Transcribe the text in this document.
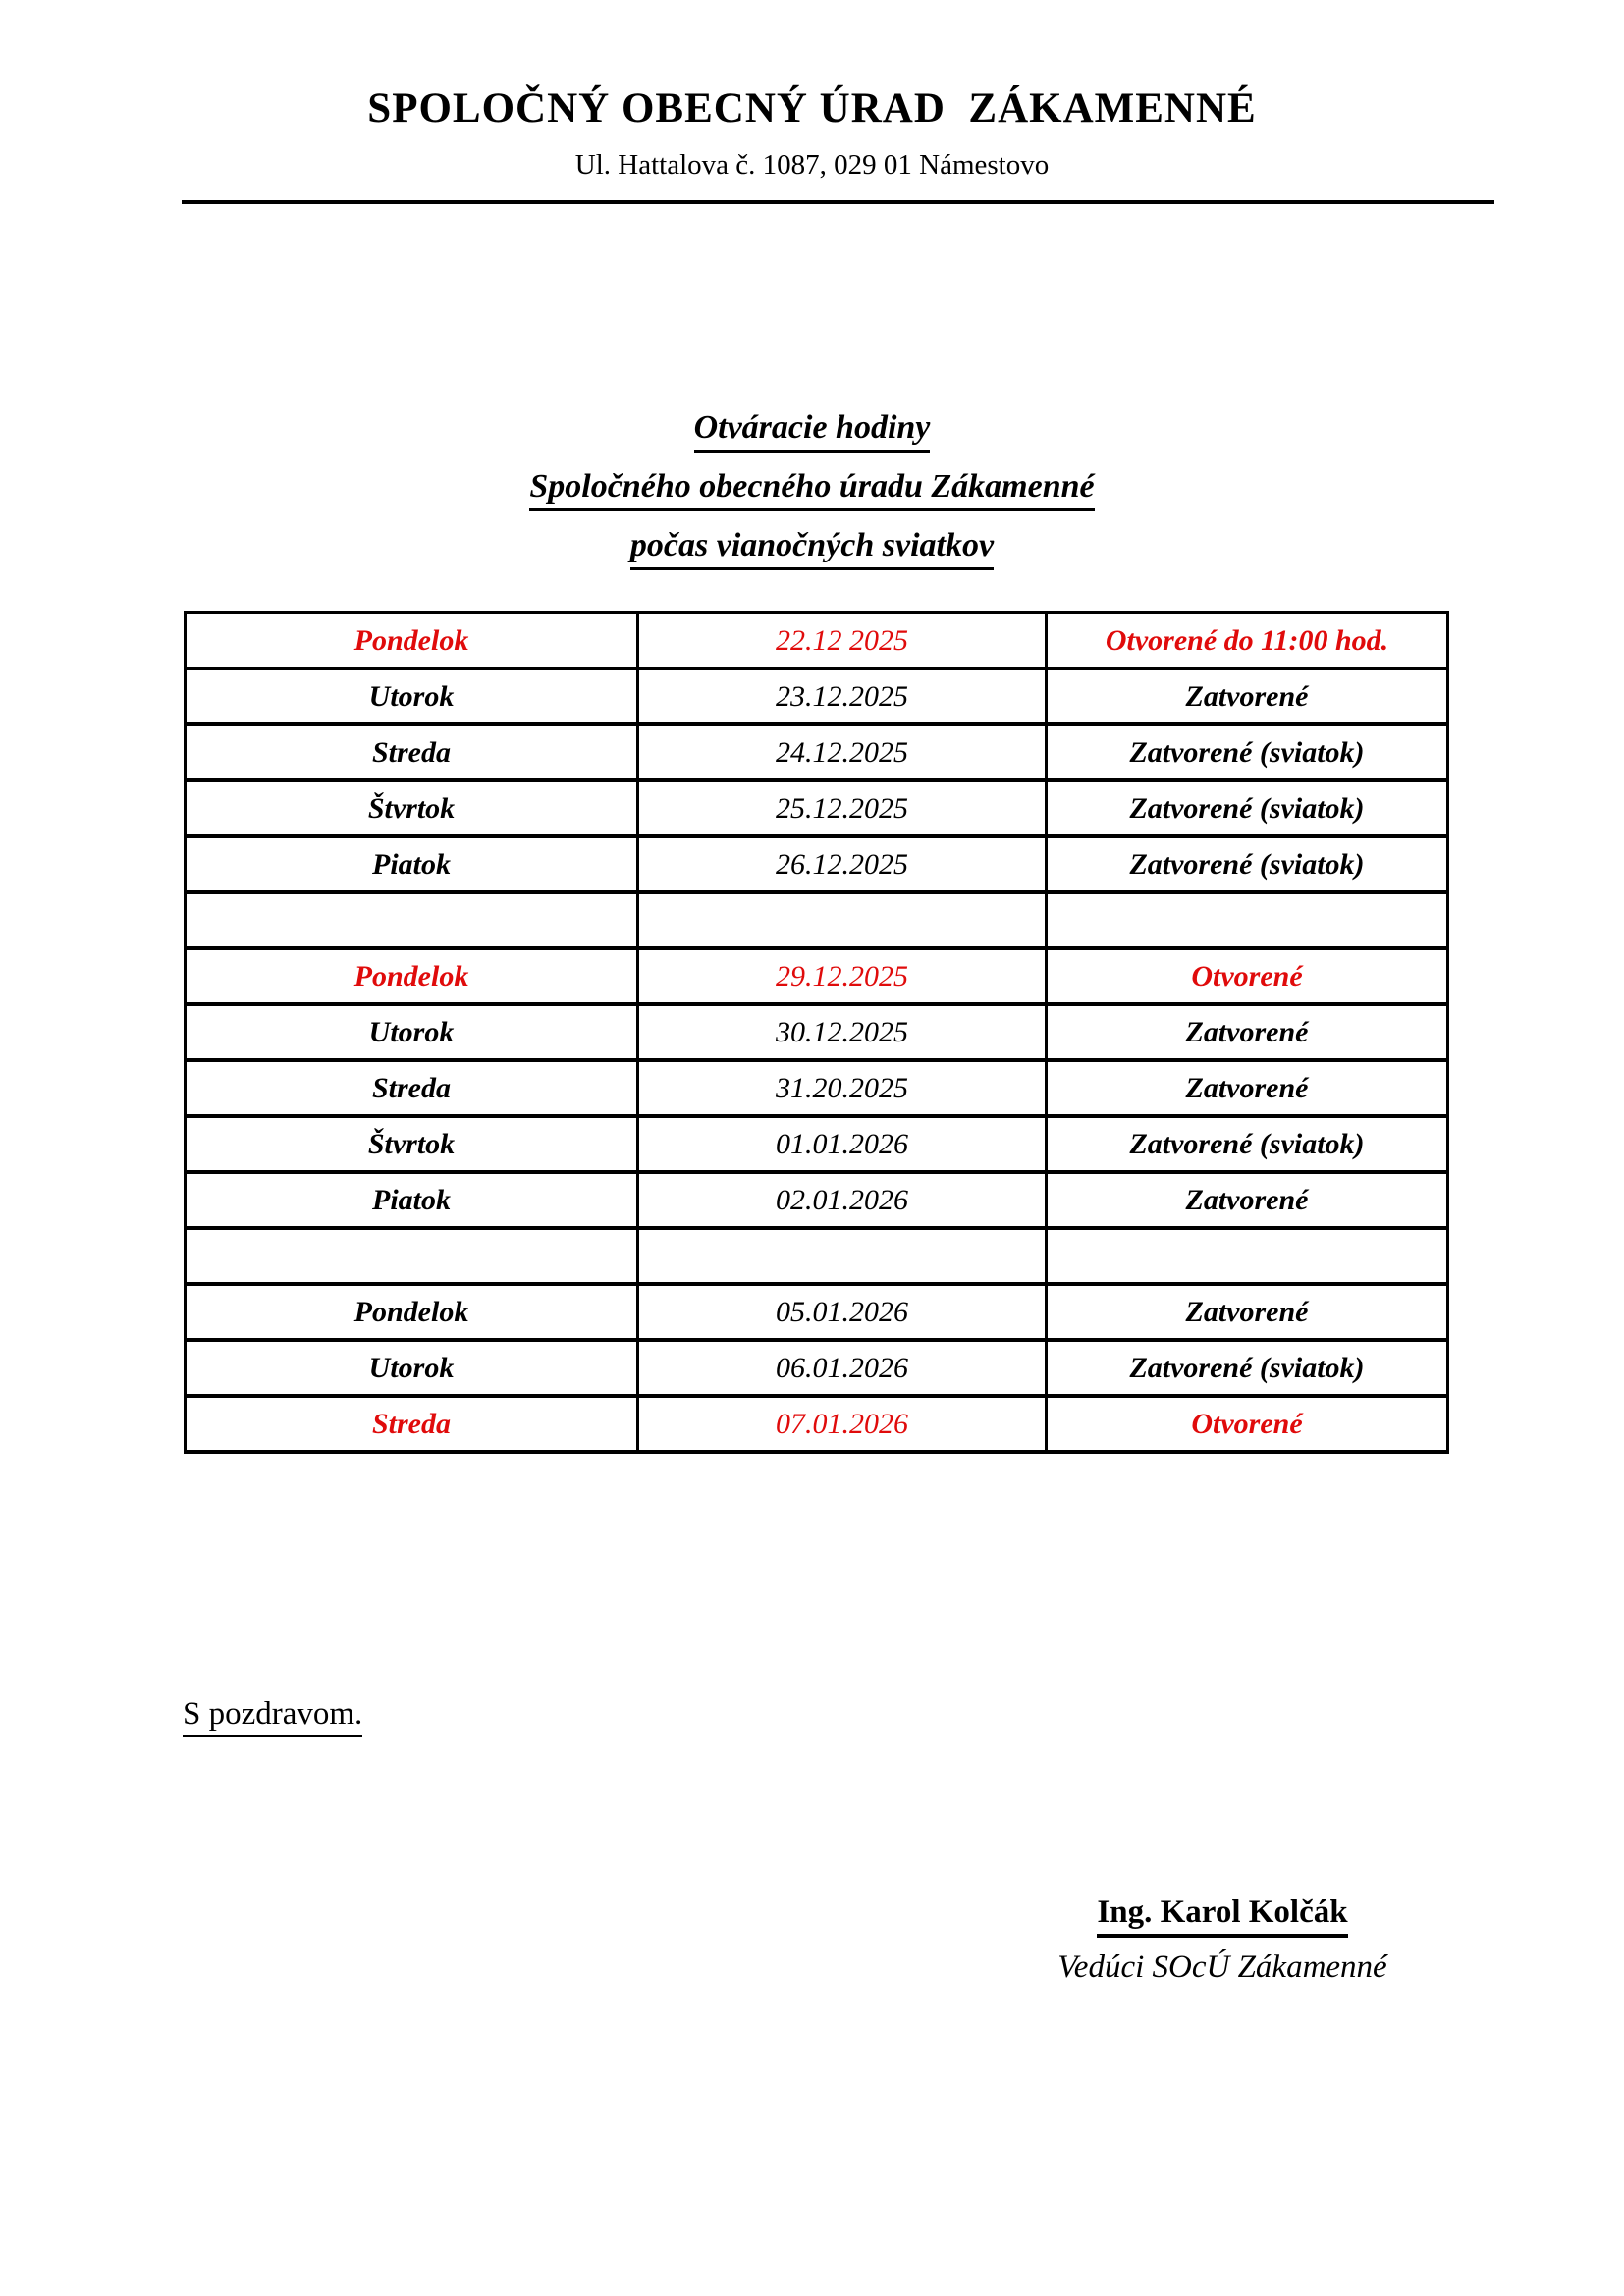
SPOLOČNÝ OBECNÝ ÚRAD  ZÁKAMENNÉ
Ul. Hattalova č. 1087, 029 01 Námestovo
Otváracie hodiny
Spoločného obecného úradu Zákamenné
počas vianočných sviatkov
Pondelok	22.12 2025	Otvorené do 11:00 hod.
Utorok	23.12.2025	Zatvorené
Streda	24.12.2025	Zatvorené (sviatok)
Štvrtok	25.12.2025	Zatvorené (sviatok)
Piatok	26.12.2025	Zatvorené (sviatok)

Pondelok	29.12.2025	Otvorené
Utorok	30.12.2025	Zatvorené
Streda	31.20.2025	Zatvorené
Štvrtok	01.01.2026	Zatvorené (sviatok)
Piatok	02.01.2026	Zatvorené

Pondelok	05.01.2026	Zatvorené
Utorok	06.01.2026	Zatvorené (sviatok)
Streda	07.01.2026	Otvorené
S pozdravom.
Ing. Karol Kolčák
Vedúci SOcÚ Zákamenné
